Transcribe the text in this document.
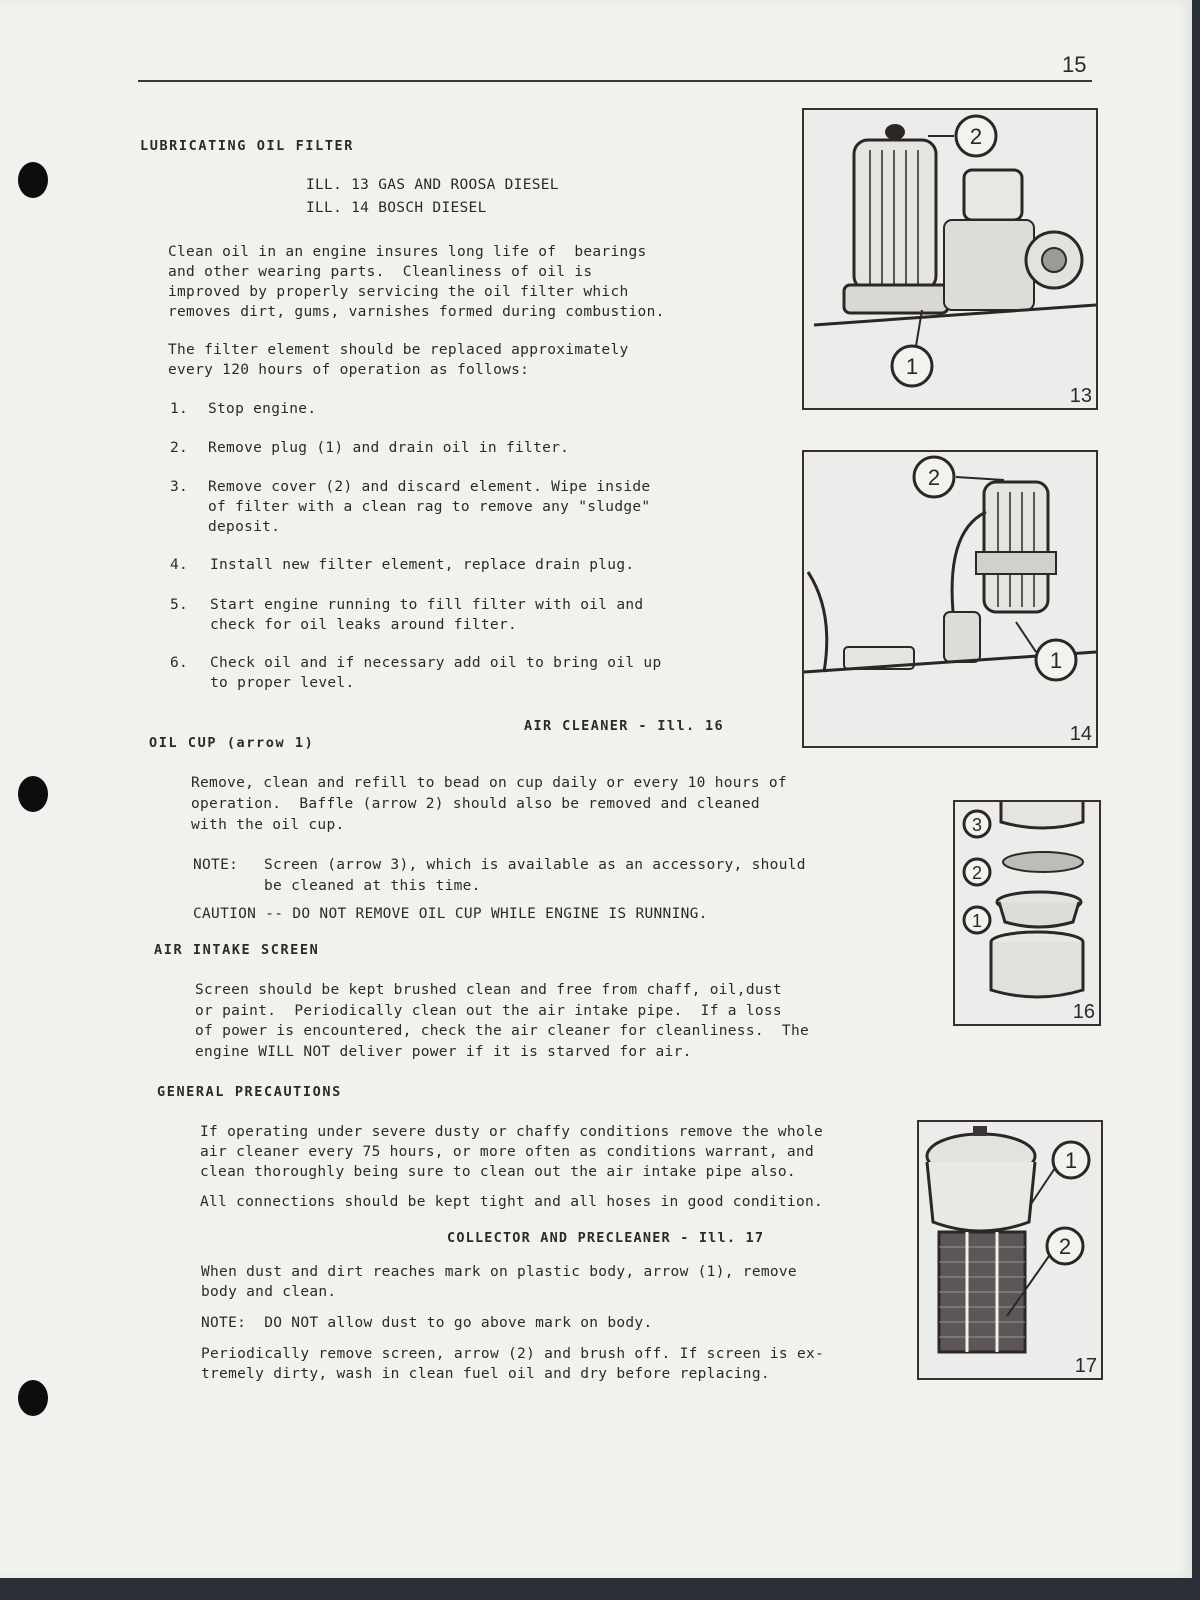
15
LUBRICATING OIL FILTER
ILL. 13 GAS AND ROOSA DIESEL
ILL. 14 BOSCH DIESEL
Clean oil in an engine insures long life of  bearings
and other wearing parts.  Cleanliness of oil is
improved by properly servicing the oil filter which
removes dirt, gums, varnishes formed during combustion.
The filter element should be replaced approximately
every 120 hours of operation as follows:
1. Stop engine.
2. Remove plug (1) and drain oil in filter.
3. Remove cover (2) and discard element. Wipe inside
of filter with a clean rag to remove any "sludge"
deposit.
4. Install new filter element, replace drain plug.
5. Start engine running to fill filter with oil and
check for oil leaks around filter.
6. Check oil and if necessary add oil to bring oil up
to proper level.
AIR CLEANER - Ill. 16
OIL CUP (arrow 1)
Remove, clean and refill to bead on cup daily or every 10 hours of
operation.  Baffle (arrow 2) should also be removed and cleaned
with the oil cup.
NOTE: Screen (arrow 3), which is available as an accessory, should
be cleaned at this time.
CAUTION -- DO NOT REMOVE OIL CUP WHILE ENGINE IS RUNNING.
AIR INTAKE SCREEN
Screen should be kept brushed clean and free from chaff, oil,dust
or paint.  Periodically clean out the air intake pipe.  If a loss
of power is encountered, check the air cleaner for cleanliness.  The
engine WILL NOT deliver power if it is starved for air.
GENERAL PRECAUTIONS
If operating under severe dusty or chaffy conditions remove the whole
air cleaner every 75 hours, or more often as conditions warrant, and
clean thoroughly being sure to clean out the air intake pipe also.
All connections should be kept tight and all hoses in good condition.
COLLECTOR AND PRECLEANER - Ill. 17
When dust and dirt reaches mark on plastic body, arrow (1), remove
body and clean.
NOTE:  DO NOT allow dust to go above mark on body.
Periodically remove screen, arrow (2) and brush off. If screen is ex-
tremely dirty, wash in clean fuel oil and dry before replacing.
2
1
13
2
1
14
3
2
1
16
1
2
17
